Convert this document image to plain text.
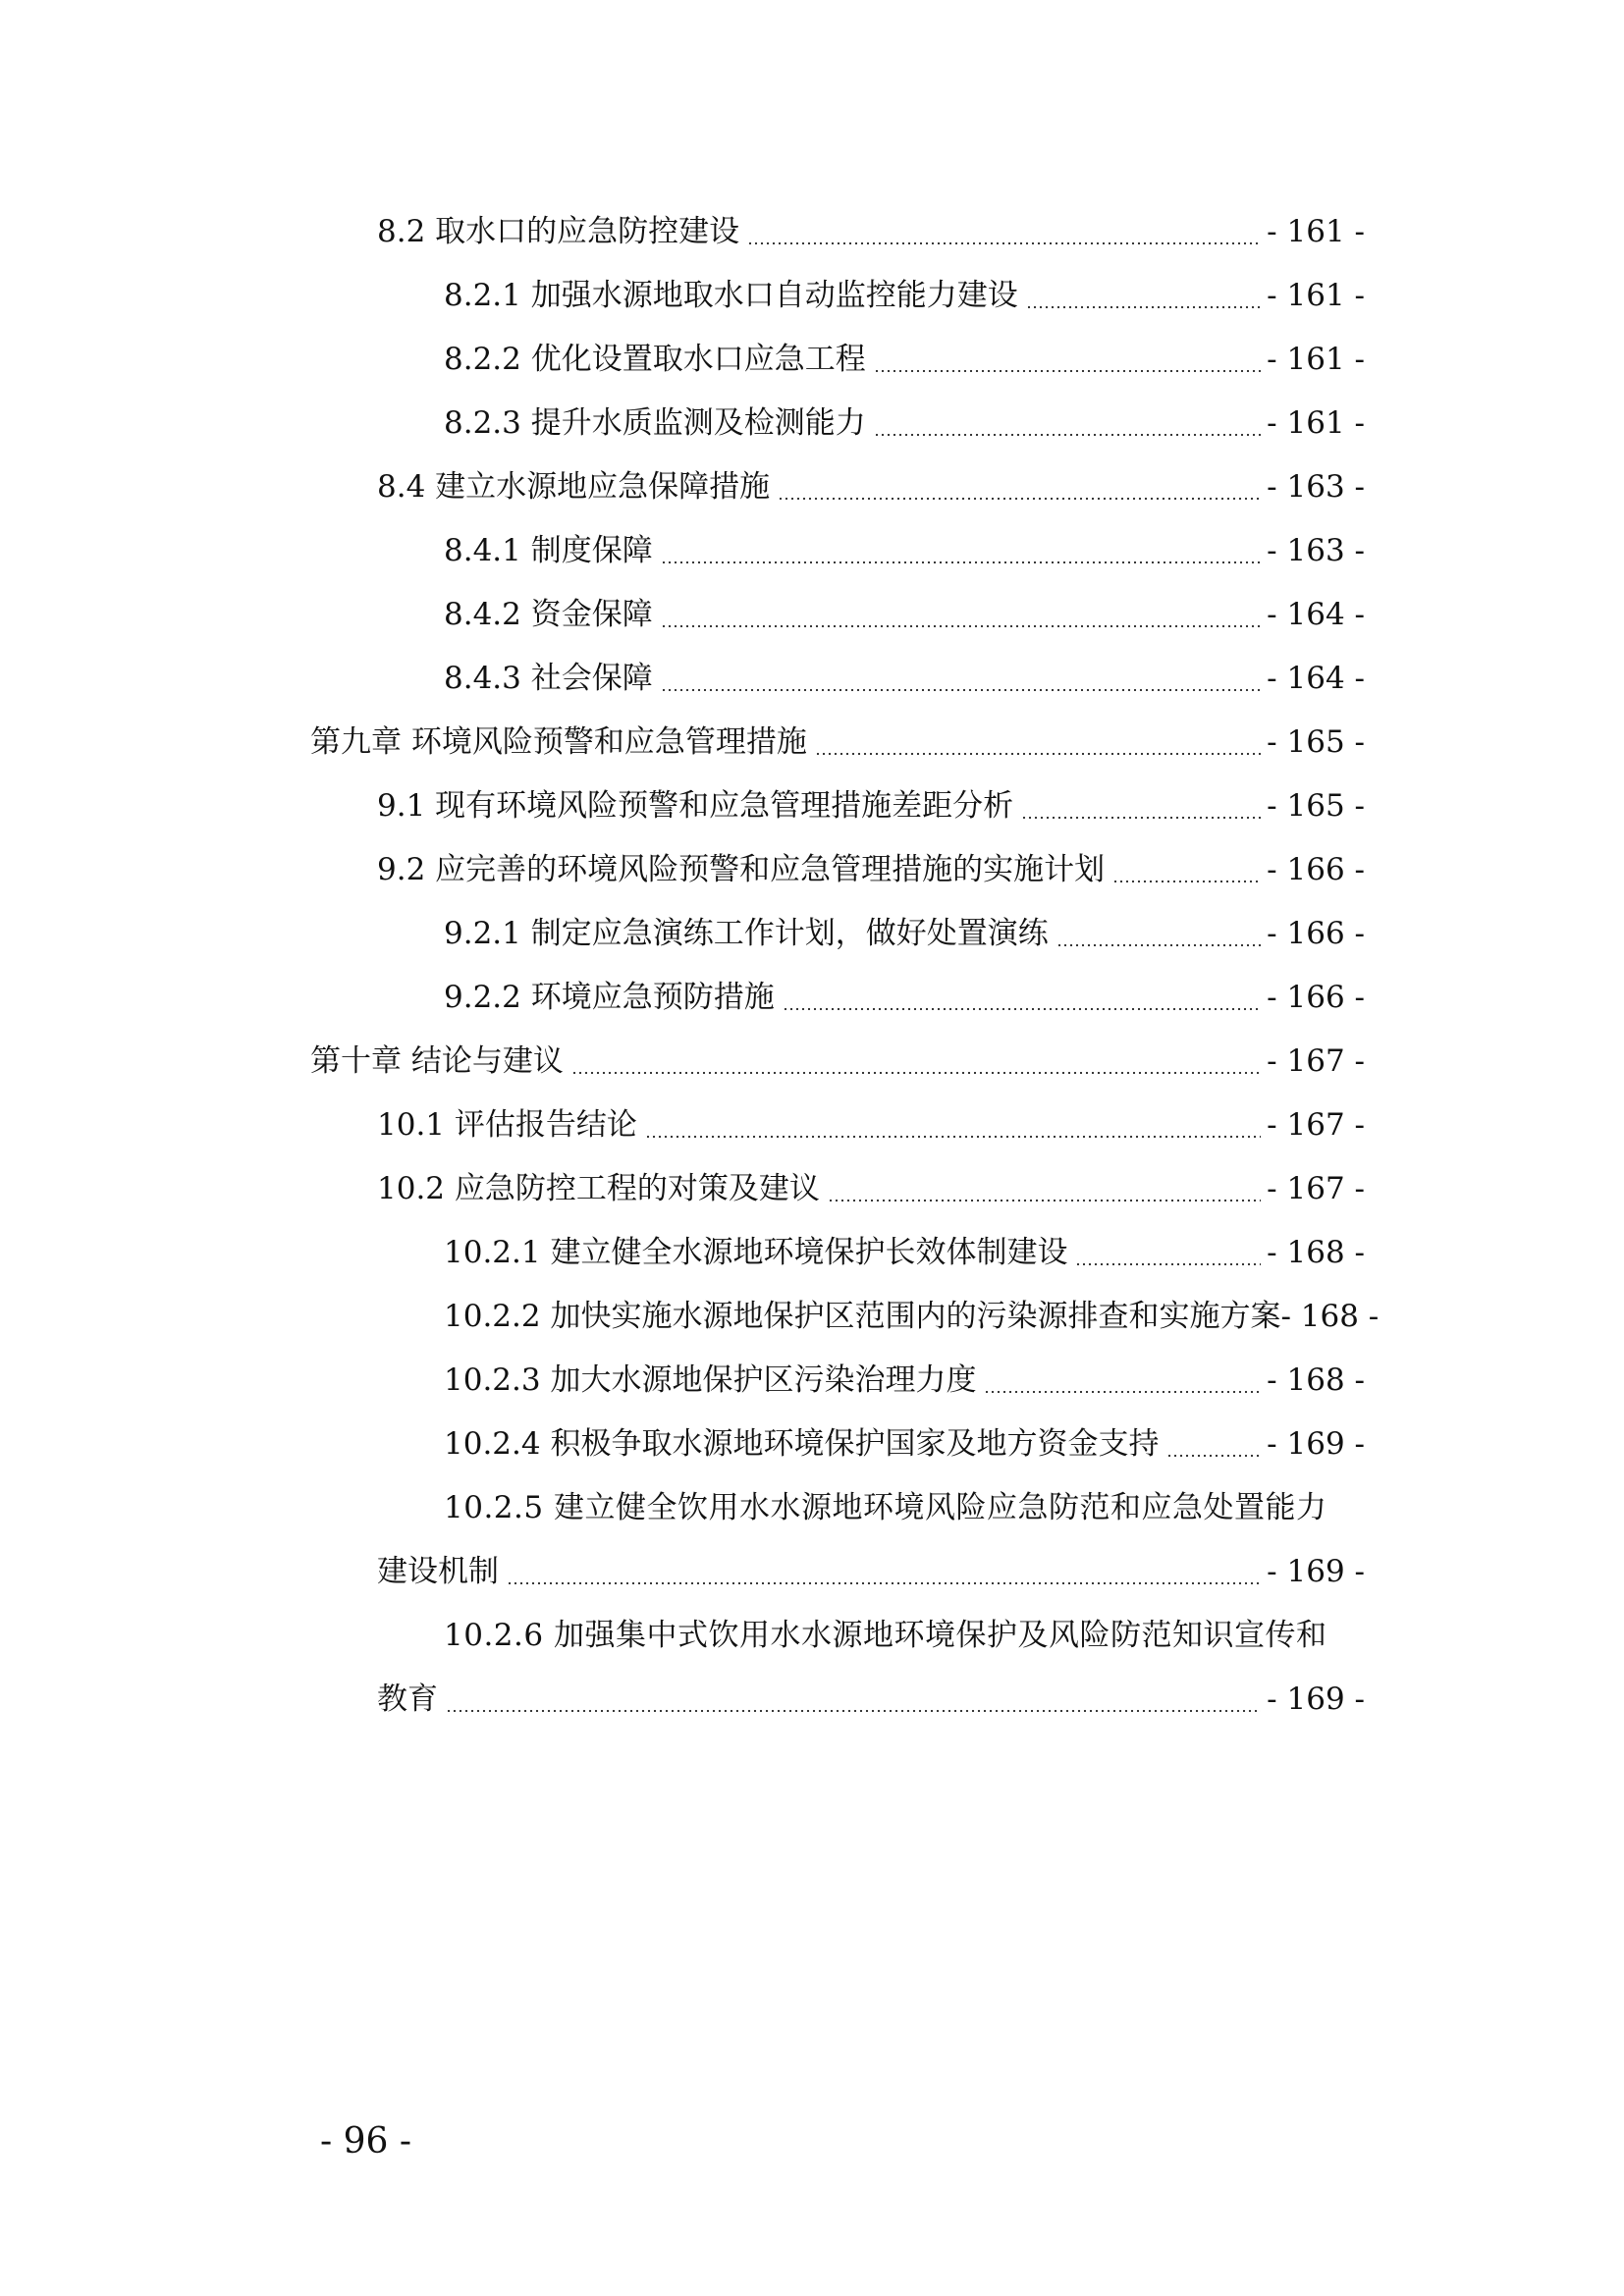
8.2 取水口的应急防控建设	- 161 -
8.2.1 加强水源地取水口自动监控能力建设	- 161 -
8.2.2 优化设置取水口应急工程	- 161 -
8.2.3 提升水质监测及检测能力	- 161 -
8.4 建立水源地应急保障措施	- 163 -
8.4.1 制度保障	- 163 -
8.4.2 资金保障	- 164 -
8.4.3 社会保障	- 164 -
第九章 环境风险预警和应急管理措施	- 165 -
9.1 现有环境风险预警和应急管理措施差距分析	- 165 -
9.2 应完善的环境风险预警和应急管理措施的实施计划	- 166 -
9.2.1 制定应急演练工作计划，做好处置演练	- 166 -
9.2.2 环境应急预防措施	- 166 -
第十章 结论与建议	- 167 -
10.1 评估报告结论	- 167 -
10.2 应急防控工程的对策及建议	- 167 -
10.2.1 建立健全水源地环境保护长效体制建设	- 168 -
10.2.2 加快实施水源地保护区范围内的污染源排查和实施方案 - 168 -
10.2.3 加大水源地保护区污染治理力度	- 168 -
10.2.4 积极争取水源地环境保护国家及地方资金支持	- 169 -
10.2.5 建立健全饮用水水源地环境风险应急防范和应急处置能力
建设机制	- 169 -
10.2.6 加强集中式饮用水水源地环境保护及风险防范知识宣传和
教育	- 169 -
- 96 -
